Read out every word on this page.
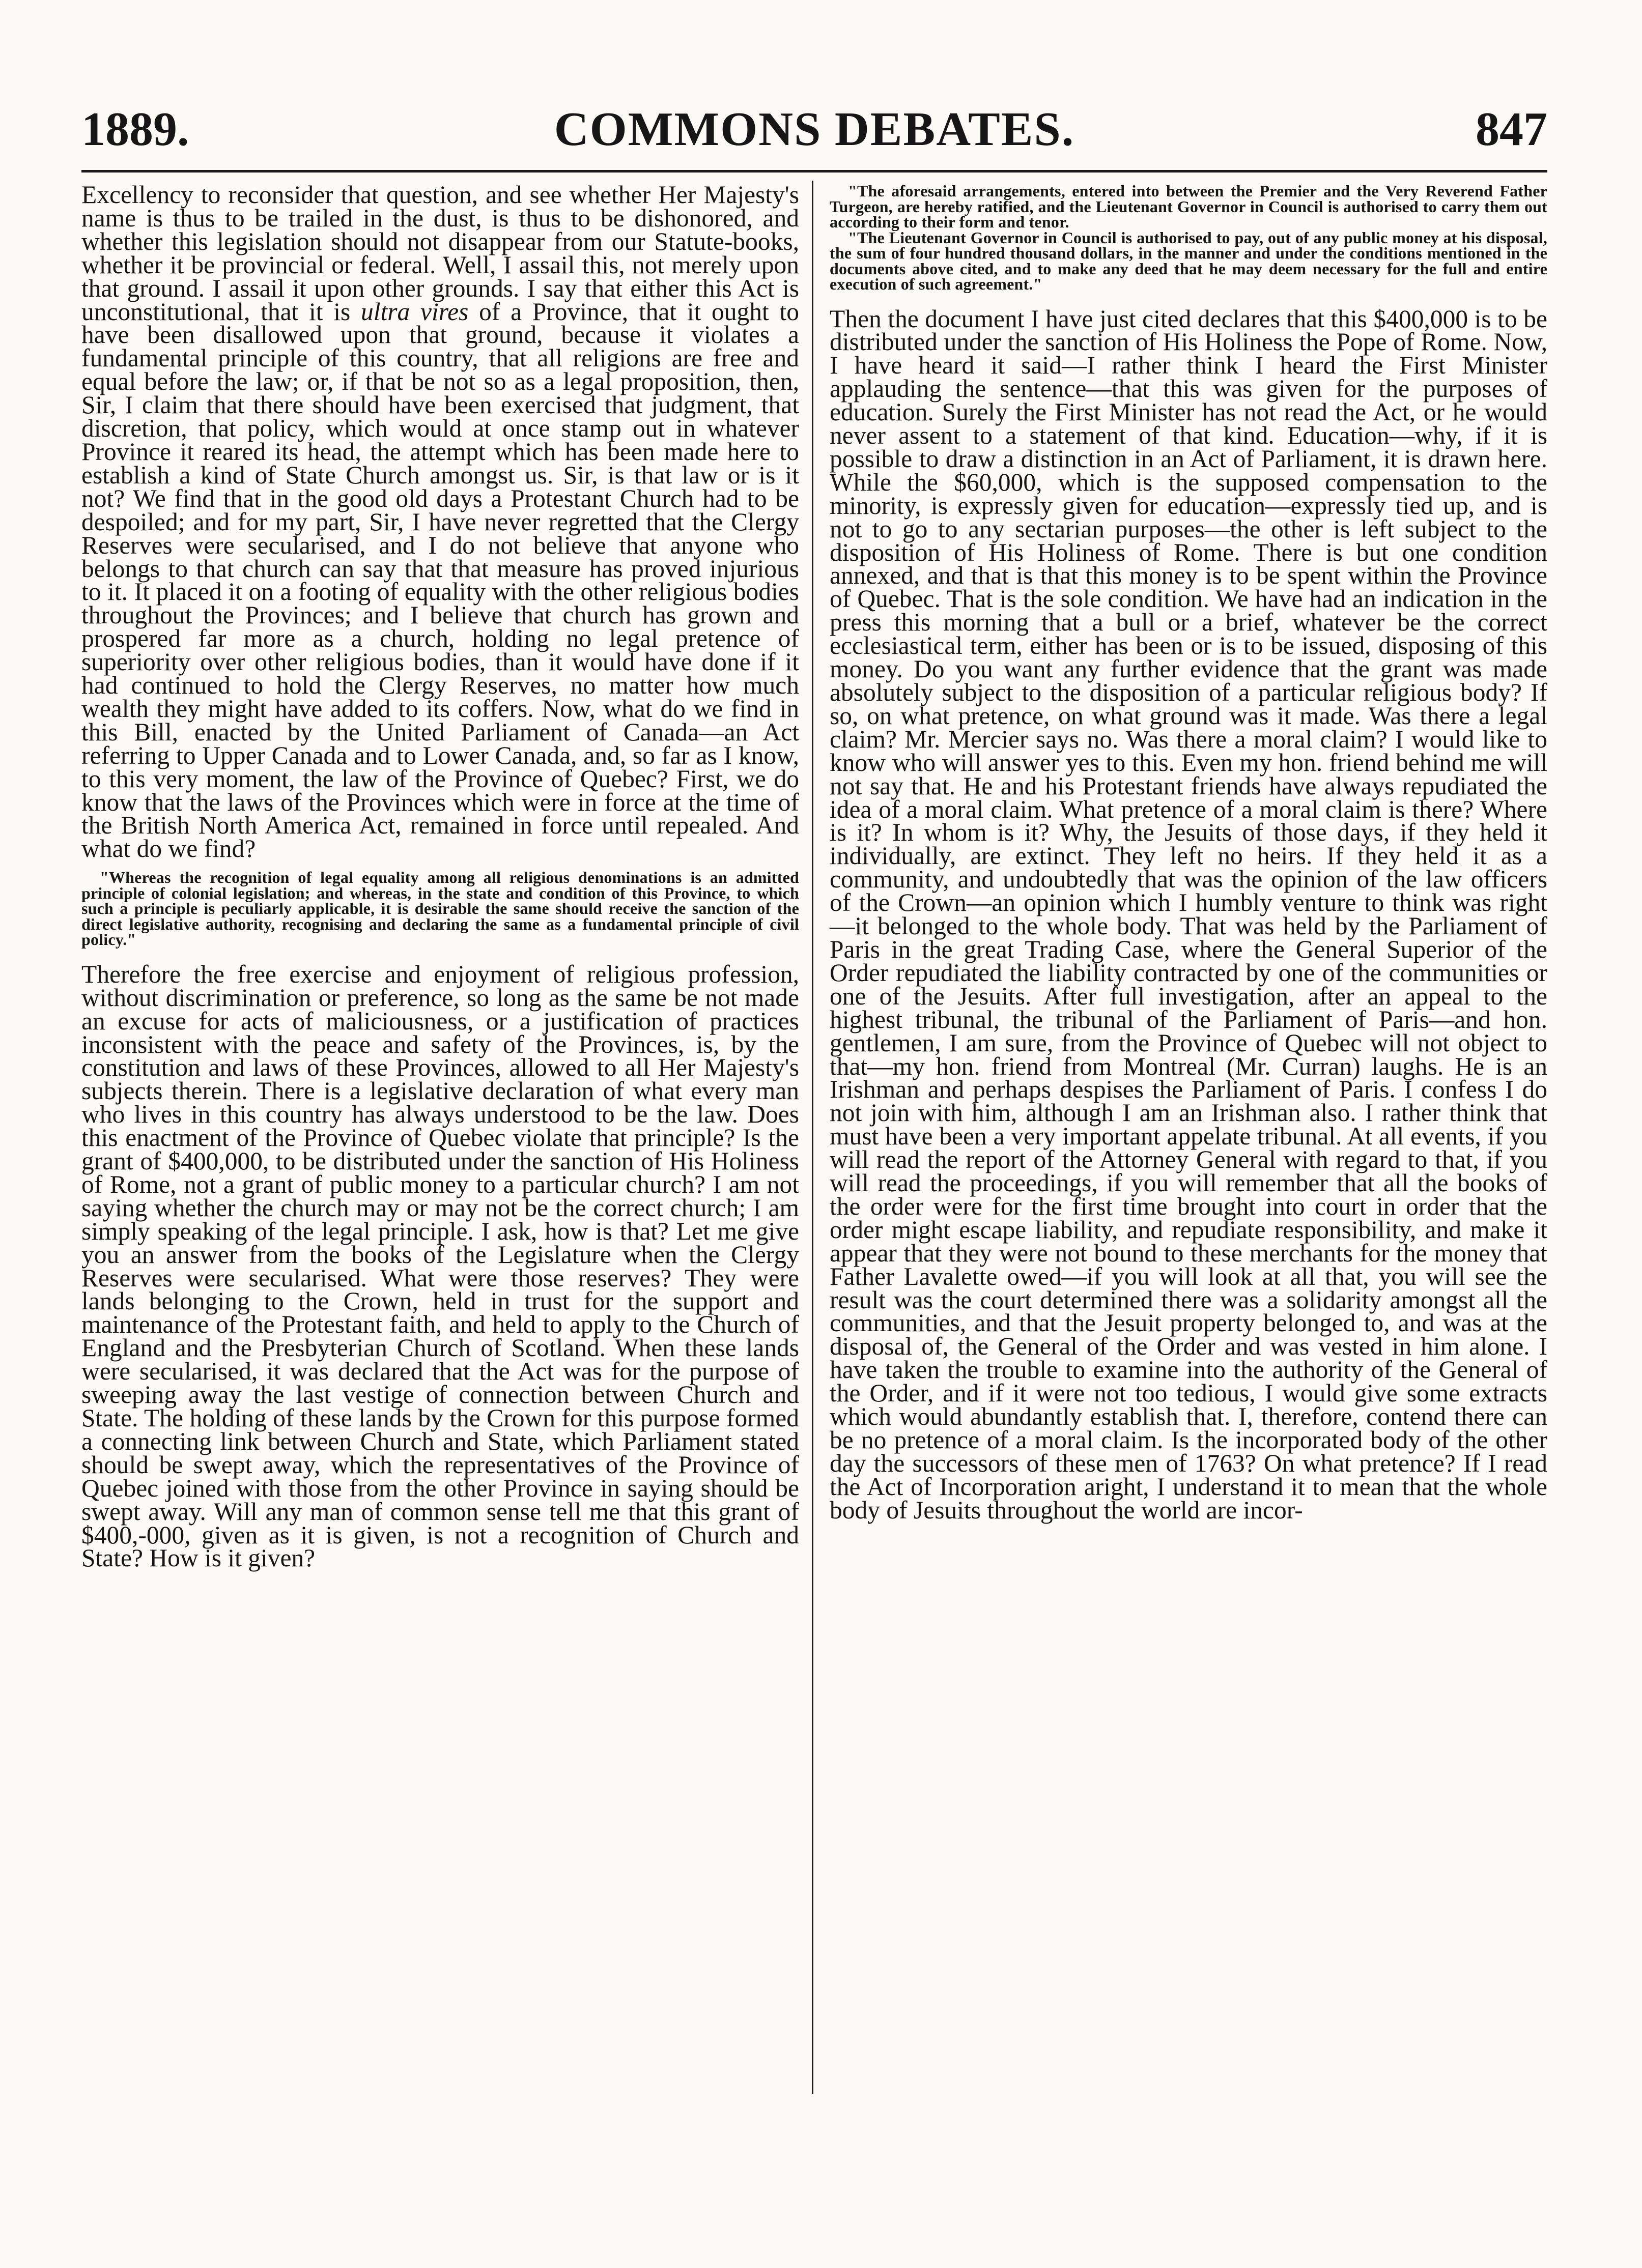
1889.	COMMONS DEBATES.	847

Excellency to reconsider that question, and see whether Her Majesty's name is thus to be trailed in the dust, is thus to be dishonored, and whether this legislation should not disappear from our Statute-books, whether it be provincial or federal. Well, I assail this, not merely upon that ground. I assail it upon other grounds. I say that either this Act is unconstitutional, that it is ultra vires of a Province, that it ought to have been disallowed upon that ground, because it violates a fundamental principle of this country, that all religions are free and equal before the law; or, if that be not so as a legal proposition, then, Sir, I claim that there should have been exercised that judgment, that discretion, that policy, which would at once stamp out in whatever Province it reared its head, the attempt which has been made here to establish a kind of State Church amongst us. Sir, is that law or is it not? We find that in the good old days a Protestant Church had to be despoiled; and for my part, Sir, I have never regretted that the Clergy Reserves were secularised, and I do not believe that anyone who belongs to that church can say that that measure has proved injurious to it. It placed it on a footing of equality with the other religious bodies throughout the Provinces; and I believe that church has grown and prospered far more as a church, holding no legal pretence of superiority over other religious bodies, than it would have done if it had continued to hold the Clergy Reserves, no matter how much wealth they might have added to its coffers. Now, what do we find in this Bill, enacted by the United Parliament of Canada—an Act referring to Upper Canada and to Lower Canada, and, so far as I know, to this very moment, the law of the Province of Quebec? First, we do know that the laws of the Provinces which were in force at the time of the British North America Act, remained in force until repealed. And what do we find?

"Whereas the recognition of legal equality among all religious denominations is an admitted principle of colonial legislation; and whereas, in the state and condition of this Province, to which such a principle is peculiarly applicable, it is desirable the same should receive the sanction of the direct legislative authority, recognising and declaring the same as a fundamental principle of civil policy."

Therefore the free exercise and enjoyment of religious profession, without discrimination or preference, so long as the same be not made an excuse for acts of maliciousness, or a justification of practices inconsistent with the peace and safety of the Provinces, is, by the constitution and laws of these Provinces, allowed to all Her Majesty's subjects therein. There is a legislative declaration of what every man who lives in this country has always understood to be the law. Does this enactment of the Province of Quebec violate that principle? Is the grant of $400,000, to be distributed under the sanction of His Holiness of Rome, not a grant of public money to a particular church? I am not saying whether the church may or may not be the correct church; I am simply speaking of the legal principle. I ask, how is that? Let me give you an answer from the books of the Legislature when the Clergy Reserves were secularised. What were those reserves? They were lands belonging to the Crown, held in trust for the support and maintenance of the Protestant faith, and held to apply to the Church of England and the Presbyterian Church of Scotland. When these lands were secularised, it was declared that the Act was for the purpose of sweeping away the last vestige of connection between Church and State. The holding of these lands by the Crown for this purpose formed a connecting link between Church and State, which Parliament stated should be swept away, which the representatives of the Province of Quebec joined with those from the other Province in saying should be swept away. Will any man of common sense tell me that this grant of $400,-000, given as it is given, is not a recognition of Church and State? How is it given?

"The aforesaid arrangements, entered into between the Premier and the Very Reverend Father Turgeon, are hereby ratified, and the Lieutenant Governor in Council is authorised to carry them out according to their form and tenor.

"The Lieutenant Governor in Council is authorised to pay, out of any public money at his disposal, the sum of four hundred thousand dollars, in the manner and under the conditions mentioned in the documents above cited, and to make any deed that he may deem necessary for the full and entire execution of such agreement."

Then the document I have just cited declares that this $400,000 is to be distributed under the sanction of His Holiness the Pope of Rome. Now, I have heard it said—I rather think I heard the First Minister applauding the sentence—that this was given for the purposes of education. Surely the First Minister has not read the Act, or he would never assent to a statement of that kind. Education—why, if it is possible to draw a distinction in an Act of Parliament, it is drawn here. While the $60,000, which is the supposed compensation to the minority, is expressly given for education—expressly tied up, and is not to go to any sectarian purposes—the other is left subject to the disposition of His Holiness of Rome. There is but one condition annexed, and that is that this money is to be spent within the Province of Quebec. That is the sole condition. We have had an indication in the press this morning that a bull or a brief, whatever be the correct ecclesiastical term, either has been or is to be issued, disposing of this money. Do you want any further evidence that the grant was made absolutely subject to the disposition of a particular religious body? If so, on what pretence, on what ground was it made. Was there a legal claim? Mr. Mercier says no. Was there a moral claim? I would like to know who will answer yes to this. Even my hon. friend behind me will not say that. He and his Protestant friends have always repudiated the idea of a moral claim. What pretence of a moral claim is there? Where is it? In whom is it? Why, the Jesuits of those days, if they held it individually, are extinct. They left no heirs. If they held it as a community, and undoubtedly that was the opinion of the law officers of the Crown—an opinion which I humbly venture to think was right—it belonged to the whole body. That was held by the Parliament of Paris in the great Trading Case, where the General Superior of the Order repudiated the liability contracted by one of the communities or one of the Jesuits. After full investigation, after an appeal to the highest tribunal, the tribunal of the Parliament of Paris—and hon. gentlemen, I am sure, from the Province of Quebec will not object to that—my hon. friend from Montreal (Mr. Curran) laughs. He is an Irishman and perhaps despises the Parliament of Paris. I confess I do not join with him, although I am an Irishman also. I rather think that must have been a very important appelate tribunal. At all events, if you will read the report of the Attorney General with regard to that, if you will read the proceedings, if you will remember that all the books of the order were for the first time brought into court in order that the order might escape liability, and repudiate responsibility, and make it appear that they were not bound to these merchants for the money that Father Lavalette owed—if you will look at all that, you will see the result was the court determined there was a solidarity amongst all the communities, and that the Jesuit property belonged to, and was at the disposal of, the General of the Order and was vested in him alone. I have taken the trouble to examine into the authority of the General of the Order, and if it were not too tedious, I would give some extracts which would abundantly establish that. I, therefore, contend there can be no pretence of a moral claim. Is the incorporated body of the other day the successors of these men of 1763? On what pretence? If I read the Act of Incorporation aright, I understand it to mean that the whole body of Jesuits throughout the world are incor-
